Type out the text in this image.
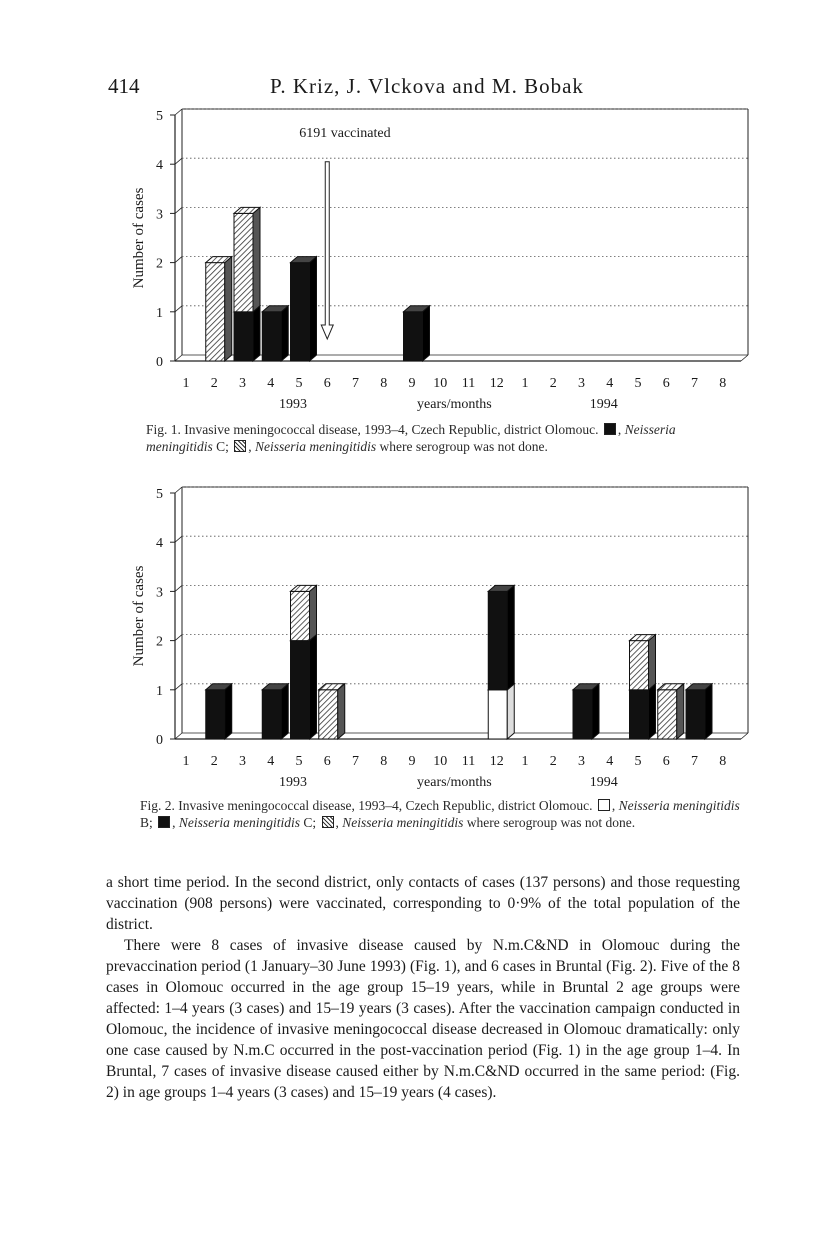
414	P. Kriz, J. Vlckova and M. Bobak
0
1
2
3
4
5
Number of cases
1 2 3 4 5 6 7 8 9 10 11 12 1 2 3 4 5 6 7 8
1993	1994
years/months
6191 vaccinated
Fig. 1. Invasive meningococcal disease, 1993–4, Czech Republic, district Olomouc. , Neisseria meningitidis C; , Neisseria meningitidis where serogroup was not done.
0
1
2
3
4
5
Number of cases
1 2 3 4 5 6 7 8 9 10 11 12 1 2 3 4 5 6 7 8
1993	1994
years/months
Fig. 2. Invasive meningococcal disease, 1993–4, Czech Republic, district Olomouc. , Neisseria meningitidis B; , Neisseria meningitidis C; , Neisseria meningitidis where serogroup was not done.

a short time period. In the second district, only contacts of cases (137 persons) and those requesting vaccination (908 persons) were vaccinated, corresponding to 0·9% of the total population of the district.

There were 8 cases of invasive disease caused by N.m.C&ND in Olomouc during the prevaccination period (1 January–30 June 1993) (Fig. 1), and 6 cases in Bruntal (Fig. 2). Five of the 8 cases in Olomouc occurred in the age group 15–19 years, while in Bruntal 2 age groups were affected: 1–4 years (3 cases) and 15–19 years (3 cases). After the vaccination campaign conducted in Olomouc, the incidence of invasive meningococcal disease decreased in Olomouc dramatically: only one case caused by N.m.C occurred in the post-vaccination period (Fig. 1) in the age group 1–4. In Bruntal, 7 cases of invasive disease caused either by N.m.C&ND occurred in the same period: (Fig. 2) in age groups 1–4 years (3 cases) and 15–19 years (4 cases).
